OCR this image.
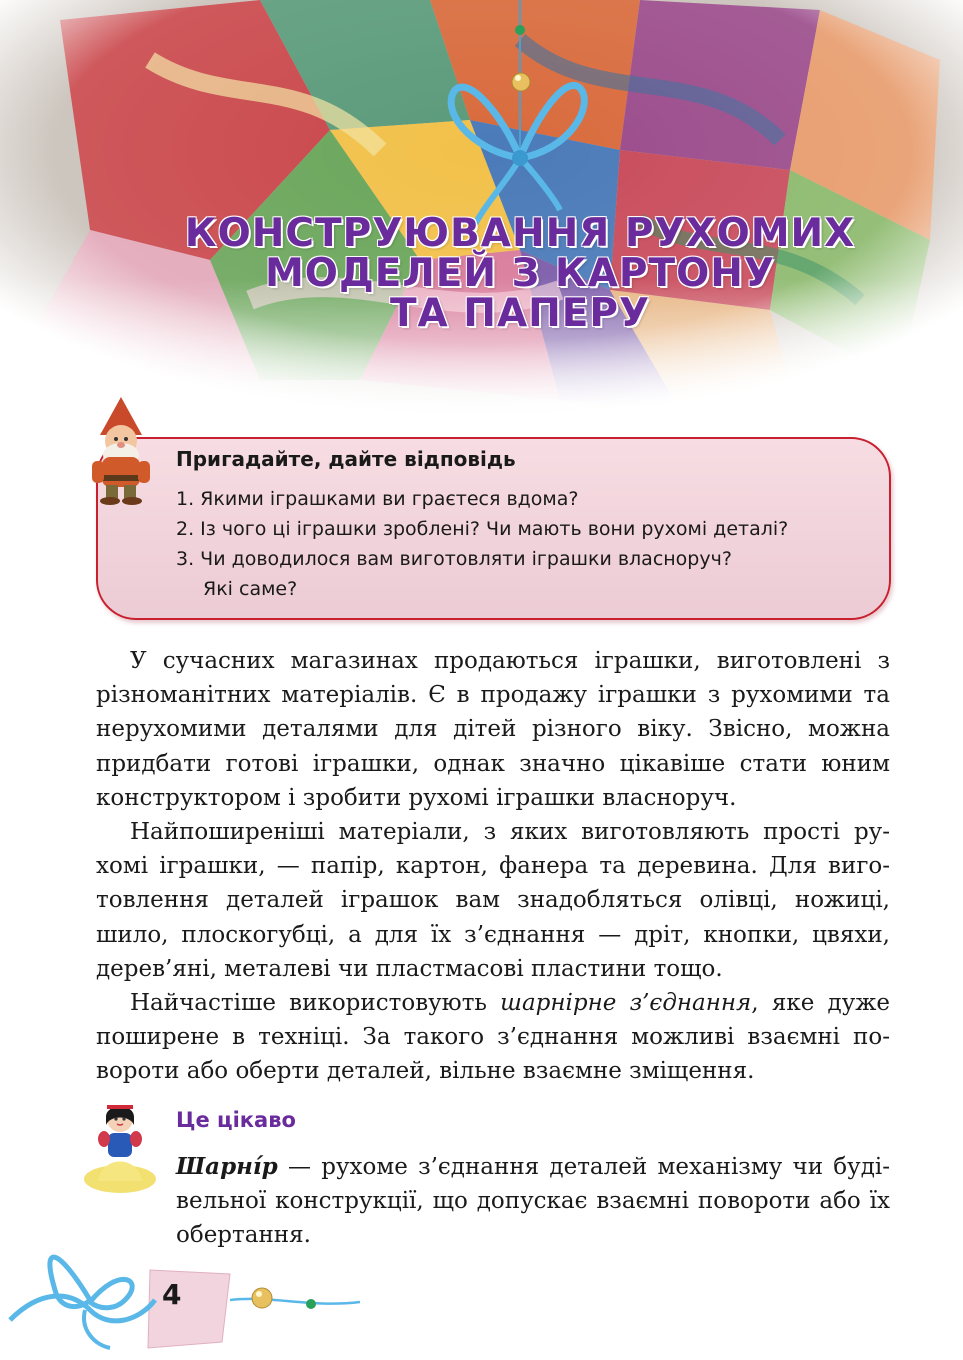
КОНСТРУЮВАННЯ РУХОМИХ
МОДЕЛЕЙ З КАРТОНУ
ТА ПАПЕРУ
Пригадайте, дайте відповідь
1. Якими іграшками ви граєтеся вдома?
2. Із чого ці іграшки зроблені? Чи мають вони рухомі деталі?
3. Чи доводилося вам виготовляти іграшки власноруч?
Які саме?

У сучасних магазинах продаються іграшки, виготовлені з різноманітних матеріалів. Є в продажу іграшки з рухомими та нерухомими деталями для дітей різного віку. Звісно, можна придбати готові іграшки, однак значно цікавіше стати юним конструктором і зробити рухомі іграшки власноруч.

Найпоширеніші матеріали, з яких виготовляють прості рухомі іграшки, — папір, картон, фанера та деревина. Для виготовлення деталей іграшок вам знадобляться олівці, ножиці, шило, плоскогубці, а для їх з’єднання — дріт, кнопки, цвяхи, дерев’яні, металеві чи пластмасові пластини тощо.

Найчастіше використовують шарнірне з’єднання, яке дуже поширене в техніці. За такого з’єднання можливі взаємні повороти або оберти деталей, вільне взаємне зміщення.

Це цікаво
Шарні́р — рухоме з’єднання деталей механізму чи будівельної конструкції, що допускає взаємні повороти або їх обертання.
4
